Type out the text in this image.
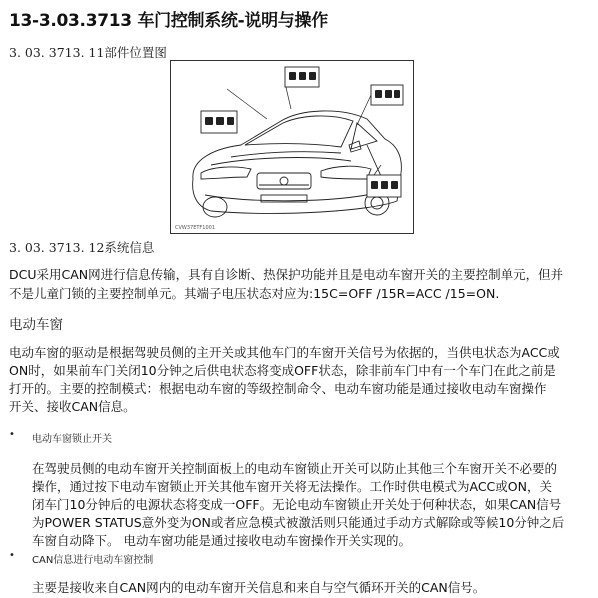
13-3.03.3713 车门控制系统-说明与操作
3. 03. 3713. 11部件位置图
CVW37ETF1001
3. 03. 3713. 12系统信息
DCU采用CAN网进行信息传输，具有自诊断、热保护功能并且是电动车窗开关的主要控制单元，但并
不是儿童门锁的主要控制单元。其端子电压状态对应为:15C=OFF /15R=ACC /15=ON.
电动车窗
电动车窗的驱动是根据驾驶员侧的主开关或其他车门的车窗开关信号为依据的，当供电状态为ACC或
ON时，如果前车门关闭10分钟之后供电状态将变成OFF状态，除非前车门中有一个车门在此之前是
打开的。主要的控制模式：根据电动车窗的等级控制命令、电动车窗功能是通过接收电动车窗操作
开关、接收CAN信息。
• 电动车窗锁止开关
在驾驶员侧的电动车窗开关控制面板上的电动车窗锁止开关可以防止其他三个车窗开关不必要的
操作，通过按下电动车窗锁止开关其他车窗开关将无法操作。工作时供电模式为ACC或ON，关
闭车门10分钟后的电源状态将变成一OFF。无论电动车窗锁止开关处于何种状态，如果CAN信号
为POWER STATUS意外变为ON或者应急模式被激活则只能通过手动方式解除或等候10分钟之后
车窗自动降下。 电动车窗功能是通过接收电动车窗操作开关实现的。
• CAN信息进行电动车窗控制
主要是接收来自CAN网内的电动车窗开关信息和来自与空气循环开关的CAN信号。
